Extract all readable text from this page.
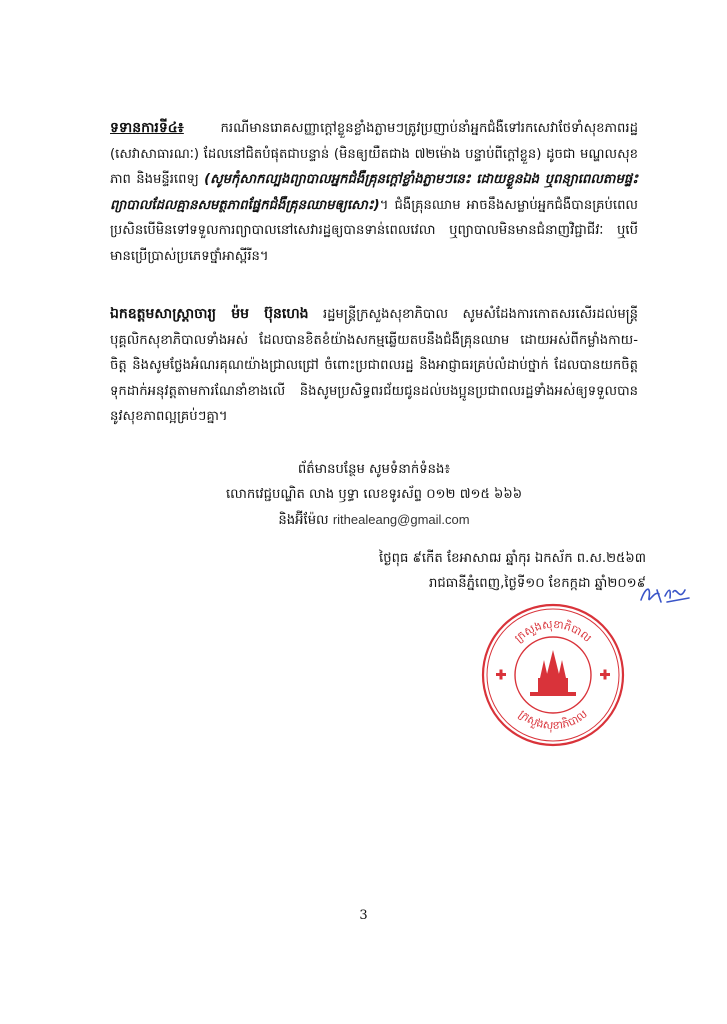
ទទានការទី៤៖ ករណីមានរោគសញ្ញាក្តៅខ្លួនខ្លាំងភ្លាមៗត្រូវប្រញាប់នាំអ្នកជំងឺទៅរកសេវាថែទាំសុខភាពរដ្ឋ (សេវាសាធារណៈ) ដែលនៅជិតបំផុតជាបន្ទាន់ (មិនឲ្យយឺតជាង ៧២ម៉ោង បន្ទាប់ពីក្តៅខ្លួន) ដូចជា មណ្ឌលសុខភាព និងមន្ទីរពេទ្យ (សូមកុំសាកល្បងព្យាបាលអ្នកជំងឺគ្រុនក្តៅខ្លាំងភ្លាមៗនេះ ដោយខ្លួនឯង ឬពន្យាពេលតាមផ្ទះ ព្យាបាលដែលគ្មានសមត្ថភាពផ្នែកជំងឺគ្រុនឈាមឲ្យសោះ)។ ជំងឺគ្រុនឈាម អាចនឹងសម្លាប់អ្នកជំងឺបានគ្រប់ពេល ប្រសិនបើមិនទៅទទួលការព្យាបាលនៅសេវារដ្ឋឲ្យបានទាន់ពេលវេលា ឬព្យាបាលមិនមានជំនាញវិជ្ជាជីវៈ ឬបើមានប្រើប្រាស់ប្រភេទថ្នាំអាស្ពីរីន។

ឯកឧត្តមសាស្ត្រាចារ្យ ម៉ម ប៊ុនហេង រដ្ឋមន្ត្រីក្រសួងសុខាភិបាល សូមសំដែងការកោតសរសើរដល់មន្ត្រី បុគ្គលិកសុខាភិបាលទាំងអស់ ដែលបានខិតខំយ៉ាងសកម្មឆ្លើយតបនឹងជំងឺគ្រុនឈាម ដោយអស់ពីកម្លាំងកាយ-ចិត្ត និងសូមថ្លែងអំណរគុណយ៉ាងជ្រាលជ្រៅ ចំពោះប្រជាពលរដ្ឋ និងអាជ្ញាធរគ្រប់លំដាប់ថ្នាក់ ដែលបានយកចិត្តទុកដាក់អនុវត្តតាមការណែនាំខាងលើ និងសូមប្រសិទ្ធពរជ័យជូនដល់បងប្អូនប្រជាពលរដ្ឋទាំងអស់ឲ្យទទួលបាននូវសុខភាពល្អគ្រប់ៗគ្នា។

ព័ត៌មានបន្ថែម សូមទំនាក់ទំនង៖
លោកវេជ្ជបណ្ឌិត លាង ឫទ្ធា លេខទូរស័ព្ទ ០១២ ៧១៥ ៦៦៦
និងអ៊ីម៉ែល rithealeang@gmail.com
ថ្ងៃពុធ ៩កើត ខែអាសាឍ ឆ្នាំកុរ ឯកស័ក ព.ស.២៥៦៣
រាជធានីភ្នំពេញ,ថ្ងៃទី១០ ខែកក្កដា ឆ្នាំ២០១៩
ក្រសួងសុខាភិបាល
ក្រសួងសុខាភិបាល
3
